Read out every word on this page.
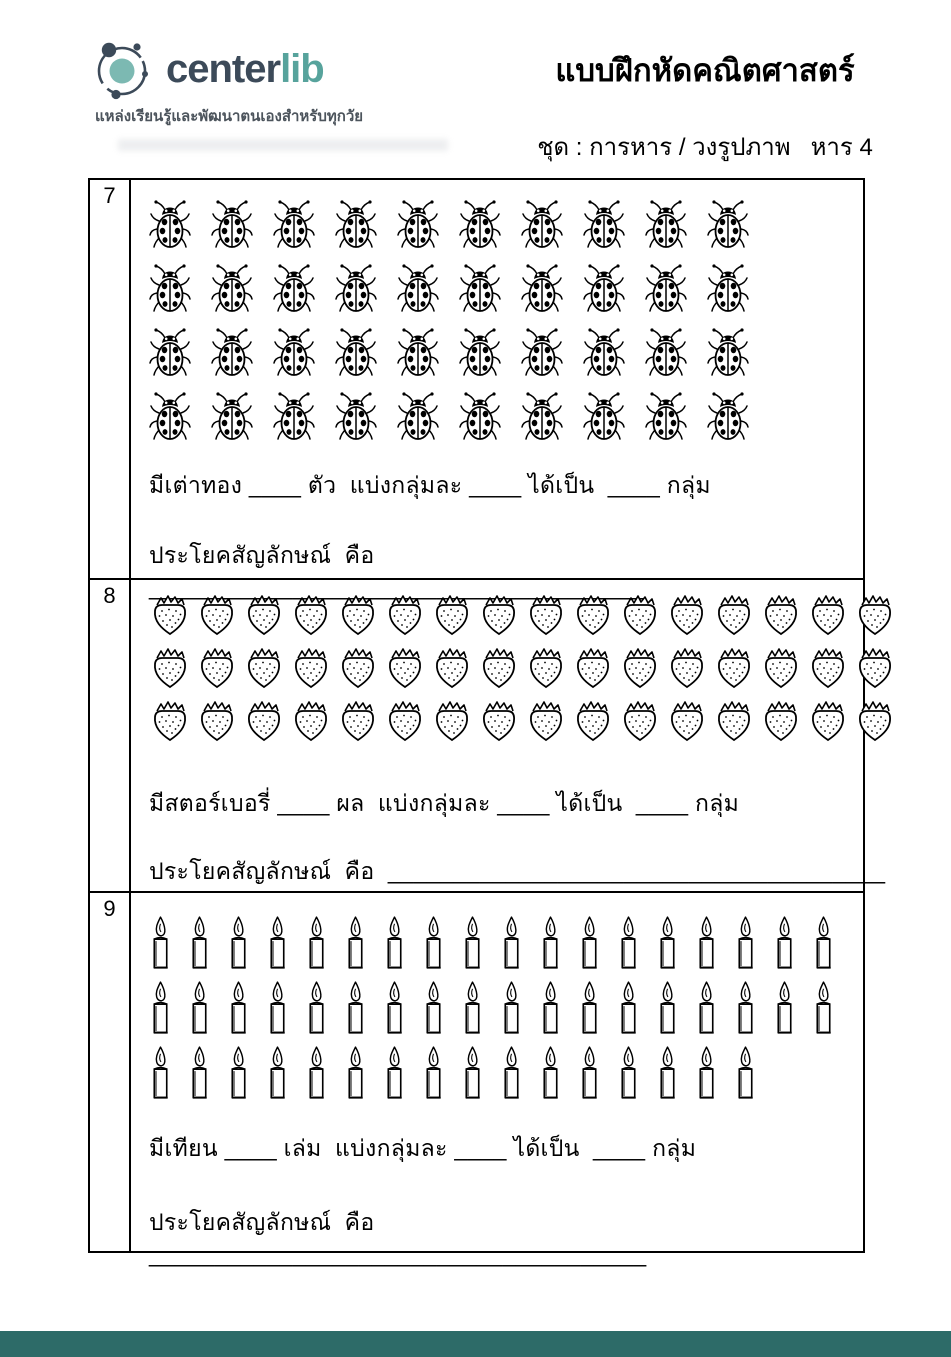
centerlib
แหล่งเรียนรู้และพัฒนาตนเองสำหรับทุกวัย
แบบฝึกหัดคณิตศาสตร์
ชุด : การหาร / วงรูปภาพ   หาร 4
7
มีเต่าทอง ____ ตัว  แบ่งกลุ่มละ ____ ได้เป็น  ____ กลุ่ม
ประโยคสัญลักษณ์  คือ  ______________________________________
8
มีสตอร์เบอรี่ ____ ผล  แบ่งกลุ่มละ ____ ได้เป็น  ____ กลุ่ม
ประโยคสัญลักษณ์  คือ  ______________________________________
9
มีเทียน ____ เล่ม  แบ่งกลุ่มละ ____ ได้เป็น  ____ กลุ่ม
ประโยคสัญลักษณ์  คือ  ______________________________________
